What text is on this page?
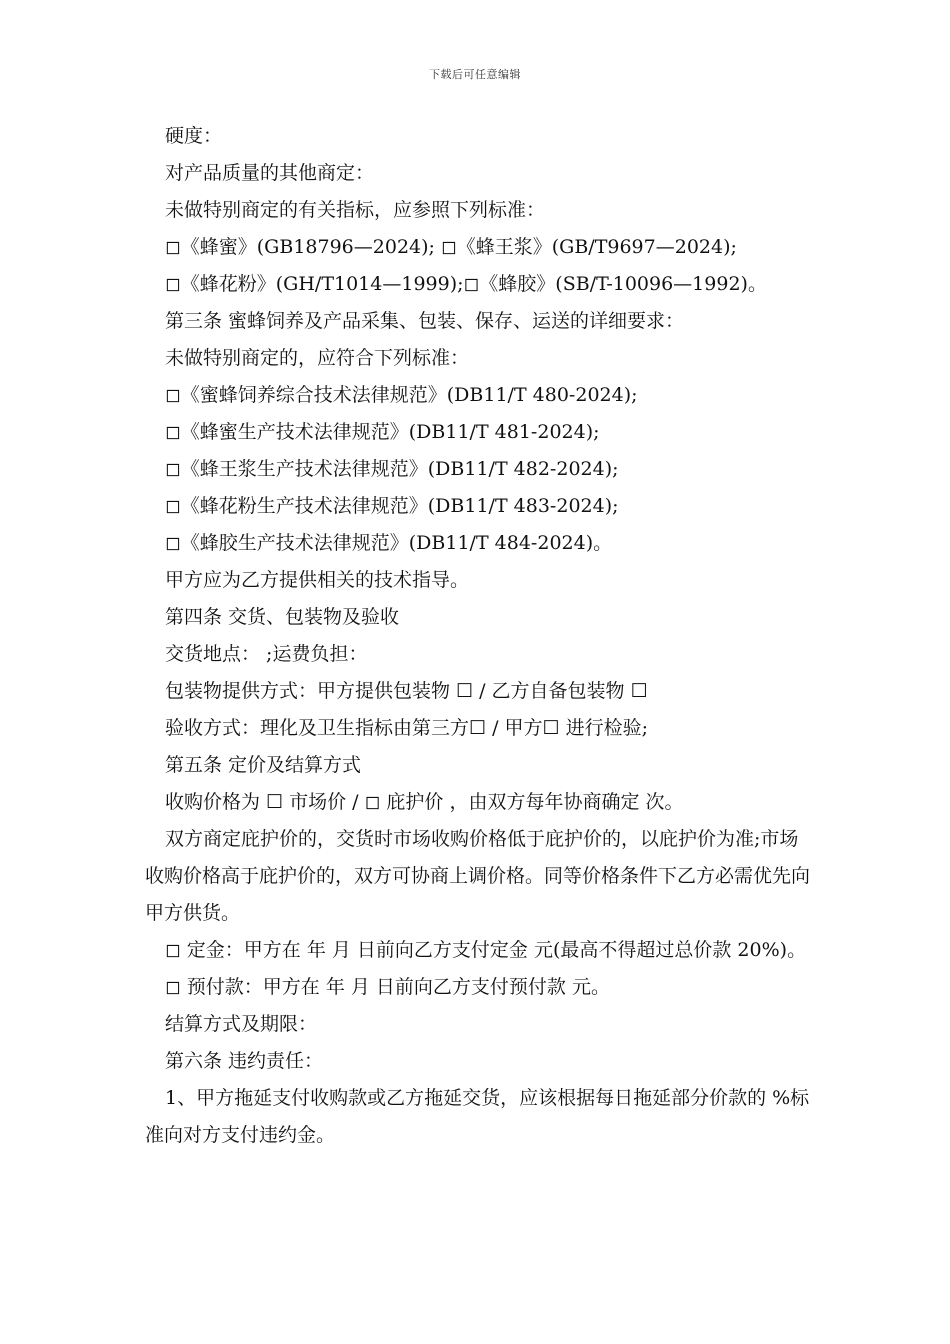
下载后可任意编辑

硬度：

对产品质量的其他商定：

未做特别商定的有关指标，应参照下列标准：

◻《蜂蜜》(GB18796—2024); ◻《蜂王浆》(GB/T9697—2024);

◻《蜂花粉》(GH/T1014—1999);◻《蜂胶》(SB/T-10096—1992)。

第三条 蜜蜂饲养及产品采集、包装、保存、运送的详细要求：

未做特别商定的，应符合下列标准：

◻《蜜蜂饲养综合技术法律规范》(DB11/T 480-2024);

◻《蜂蜜生产技术法律规范》(DB11/T 481-2024);

◻《蜂王浆生产技术法律规范》(DB11/T 482-2024);

◻《蜂花粉生产技术法律规范》(DB11/T 483-2024);

◻《蜂胶生产技术法律规范》(DB11/T 484-2024)。

甲方应为乙方提供相关的技术指导。

第四条 交货、包装物及验收

交货地点： ;运费负担：

包装物提供方式：甲方提供包装物 ☐ / 乙方自备包装物 ☐

验收方式：理化及卫生指标由第三方☐ / 甲方☐ 进行检验;

第五条 定价及结算方式

收购价格为 ☐ 市场价 / ◻ 庇护价 ，由双方每年协商确定 次。

双方商定庇护价的，交货时市场收购价格低于庇护价的，以庇护价为准;市场收购价格高于庇护价的，双方可协商上调价格。同等价格条件下乙方必需优先向甲方供货。

◻ 定金：甲方在 年 月 日前向乙方支付定金 元(最高不得超过总价款 20%)。

◻ 预付款：甲方在 年 月 日前向乙方支付预付款 元。

结算方式及期限：

第六条 违约责任：

1、甲方拖延支付收购款或乙方拖延交货，应该根据每日拖延部分价款的 %标准向对方支付违约金。
